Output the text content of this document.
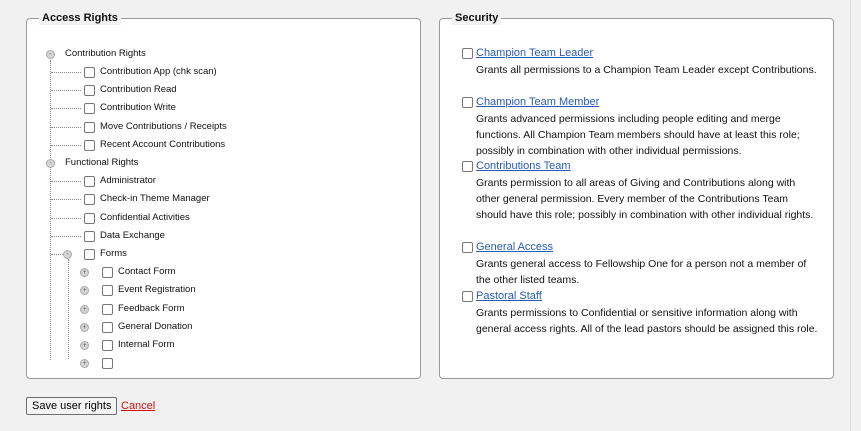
Access Rights
-	Contribution Rights
Contribution App (chk scan)
Contribution Read
Contribution Write
Move Contributions / Receipts
Recent Account Contributions
-	Functional Rights
Administrator
Check-in Theme Manager
Confidential Activities
Data Exchange
-	Forms
+	Contact Form
+	Event Registration
+	Feedback Form
+	General Donation
+	Internal Form
+
Security
Champion Team Leader
Grants all permissions to a Champion Team Leader except Contributions.
Champion Team Member
Grants advanced permissions including people editing and merge functions. All Champion Team members should have at least this role; possibly in combination with other individual permissions.
Contributions Team
Grants permission to all areas of Giving and Contributions along with other general permission. Every member of the Contributions Team should have this role; possibly in combination with other individual rights.
General Access
Grants general access to Fellowship One for a person not a member of the other listed teams.
Pastoral Staff
Grants permissions to Confidential or sensitive information along with general access rights. All of the lead pastors should be assigned this role.
Save user rights Cancel
